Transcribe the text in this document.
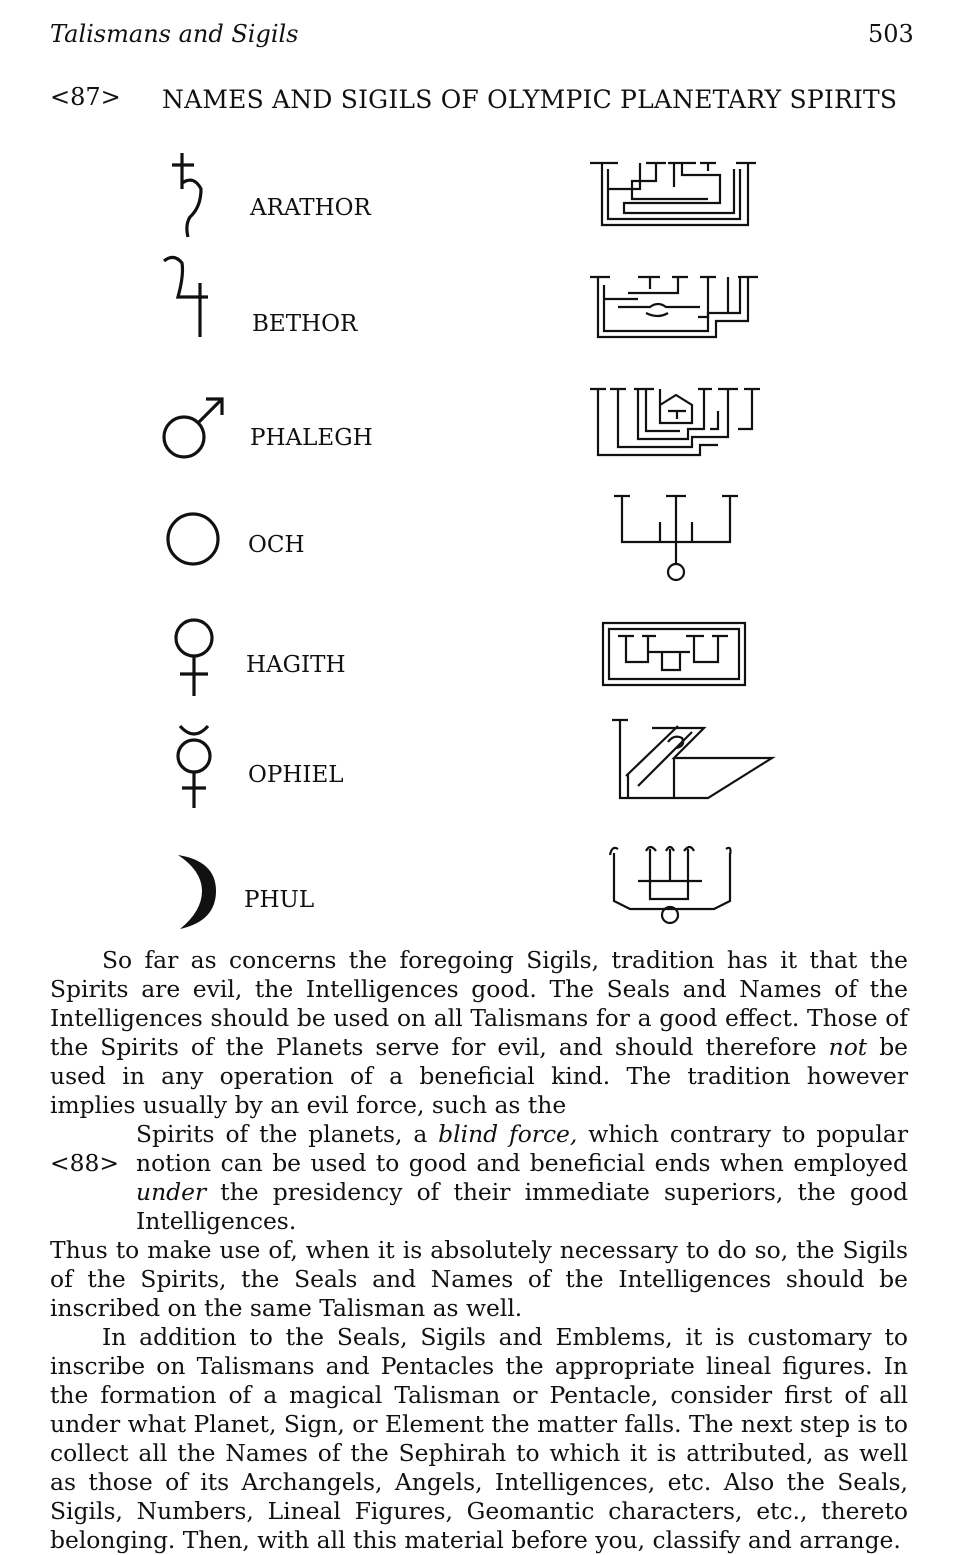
Talismans and Sigils	503
<87> NAMES AND SIGILS OF OLYMPIC PLANETARY SPIRITS
ARATHOR
BETHOR
PHALEGH
OCH
HAGITH
OPHIEL
PHUL

So far as concerns the foregoing Sigils, tradition has it that the Spirits are evil, the Intelligences good. The Seals and Names of the Intelligences should be used on all Talismans for a good effect. Those of the Spirits of the Planets serve for evil, and should therefore not be used in any operation of a beneficial kind. The tradition however implies usually by an evil force, such as the

<88>

Spirits of the planets, a blind force, which contrary to popular notion can be used to good and beneficial ends when employed under the presidency of their immediate superiors, the good Intelligences.

Thus to make use of, when it is absolutely necessary to do so, the Sigils of the Spirits, the Seals and Names of the Intelligences should be inscribed on the same Talisman as well.

In addition to the Seals, Sigils and Emblems, it is customary to inscribe on Talismans and Pentacles the appropriate lineal figures. In the formation of a magical Talisman or Pentacle, consider first of all under what Planet, Sign, or Element the matter falls. The next step is to collect all the Names of the Sephirah to which it is attributed, as well as those of its Archangels, Angels, Intelligences, etc. Also the Seals, Sigils, Numbers, Lineal Figures, Geomantic characters, etc., thereto belonging. Then, with all this material before you, classify and arrange.
